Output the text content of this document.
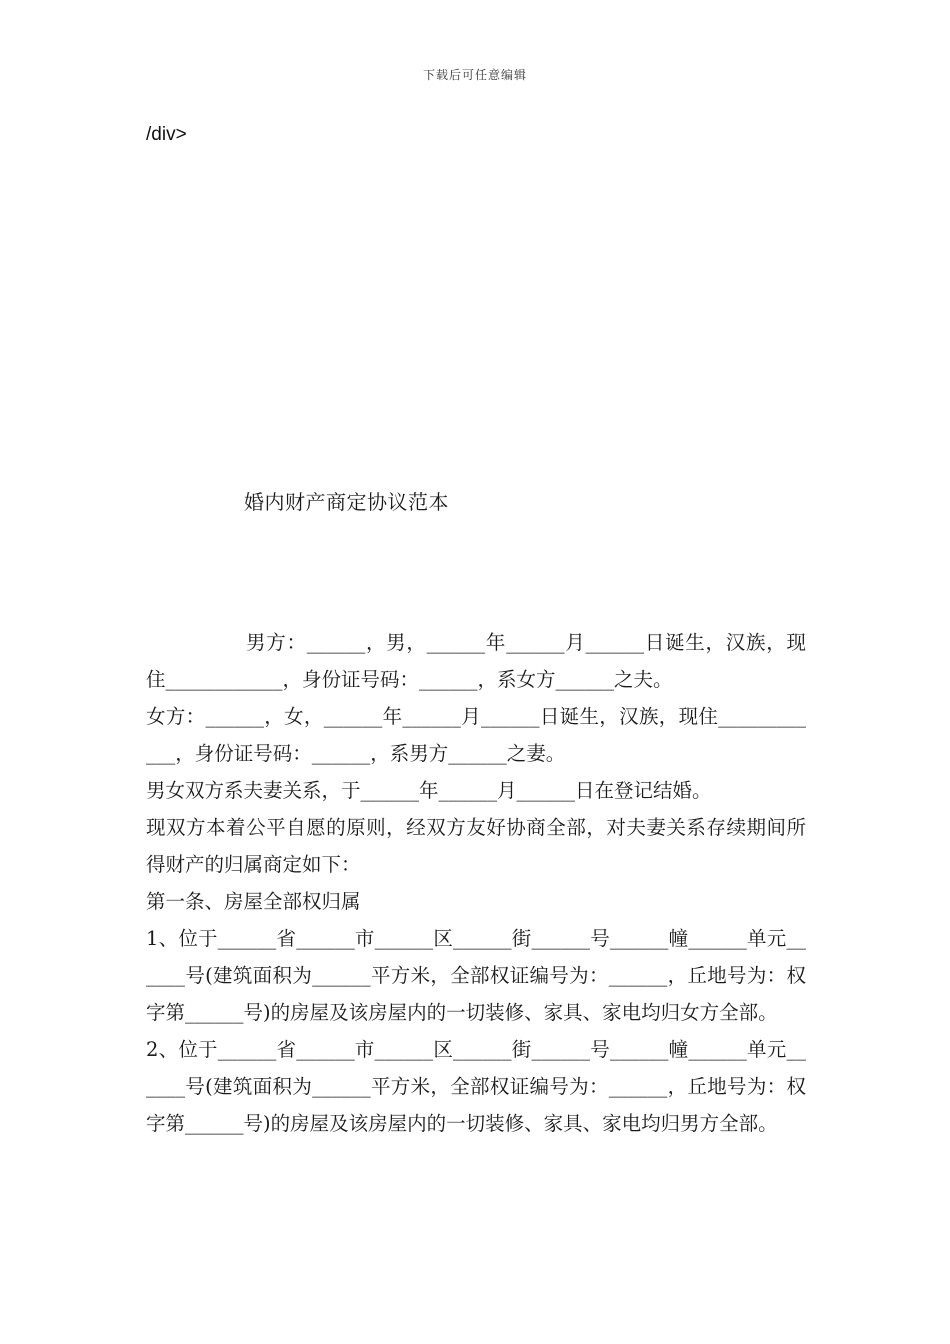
下载后可任意编辑
/div>
婚内财产商定协议范本

男方：______，男，______年______月______日诞生，汉族，现住____________，身份证号码：______，系女方______之夫。

女方：______，女，______年______月______日诞生，汉族，现住____________，身份证号码：______，系男方______之妻。

男女双方系夫妻关系，于______年______月______日在登记结婚。

现双方本着公平自愿的原则，经双方友好协商全部，对夫妻关系存续期间所得财产的归属商定如下：

第一条、房屋全部权归属

1、位于______省______市______区______街______号______幢______单元______号(建筑面积为______平方米，全部权证编号为：______，丘地号为：权字第______号)的房屋及该房屋内的一切装修、家具、家电均归女方全部。

2、位于______省______市______区______街______号______幢______单元______号(建筑面积为______平方米，全部权证编号为：______，丘地号为：权字第______号)的房屋及该房屋内的一切装修、家具、家电均归男方全部。
